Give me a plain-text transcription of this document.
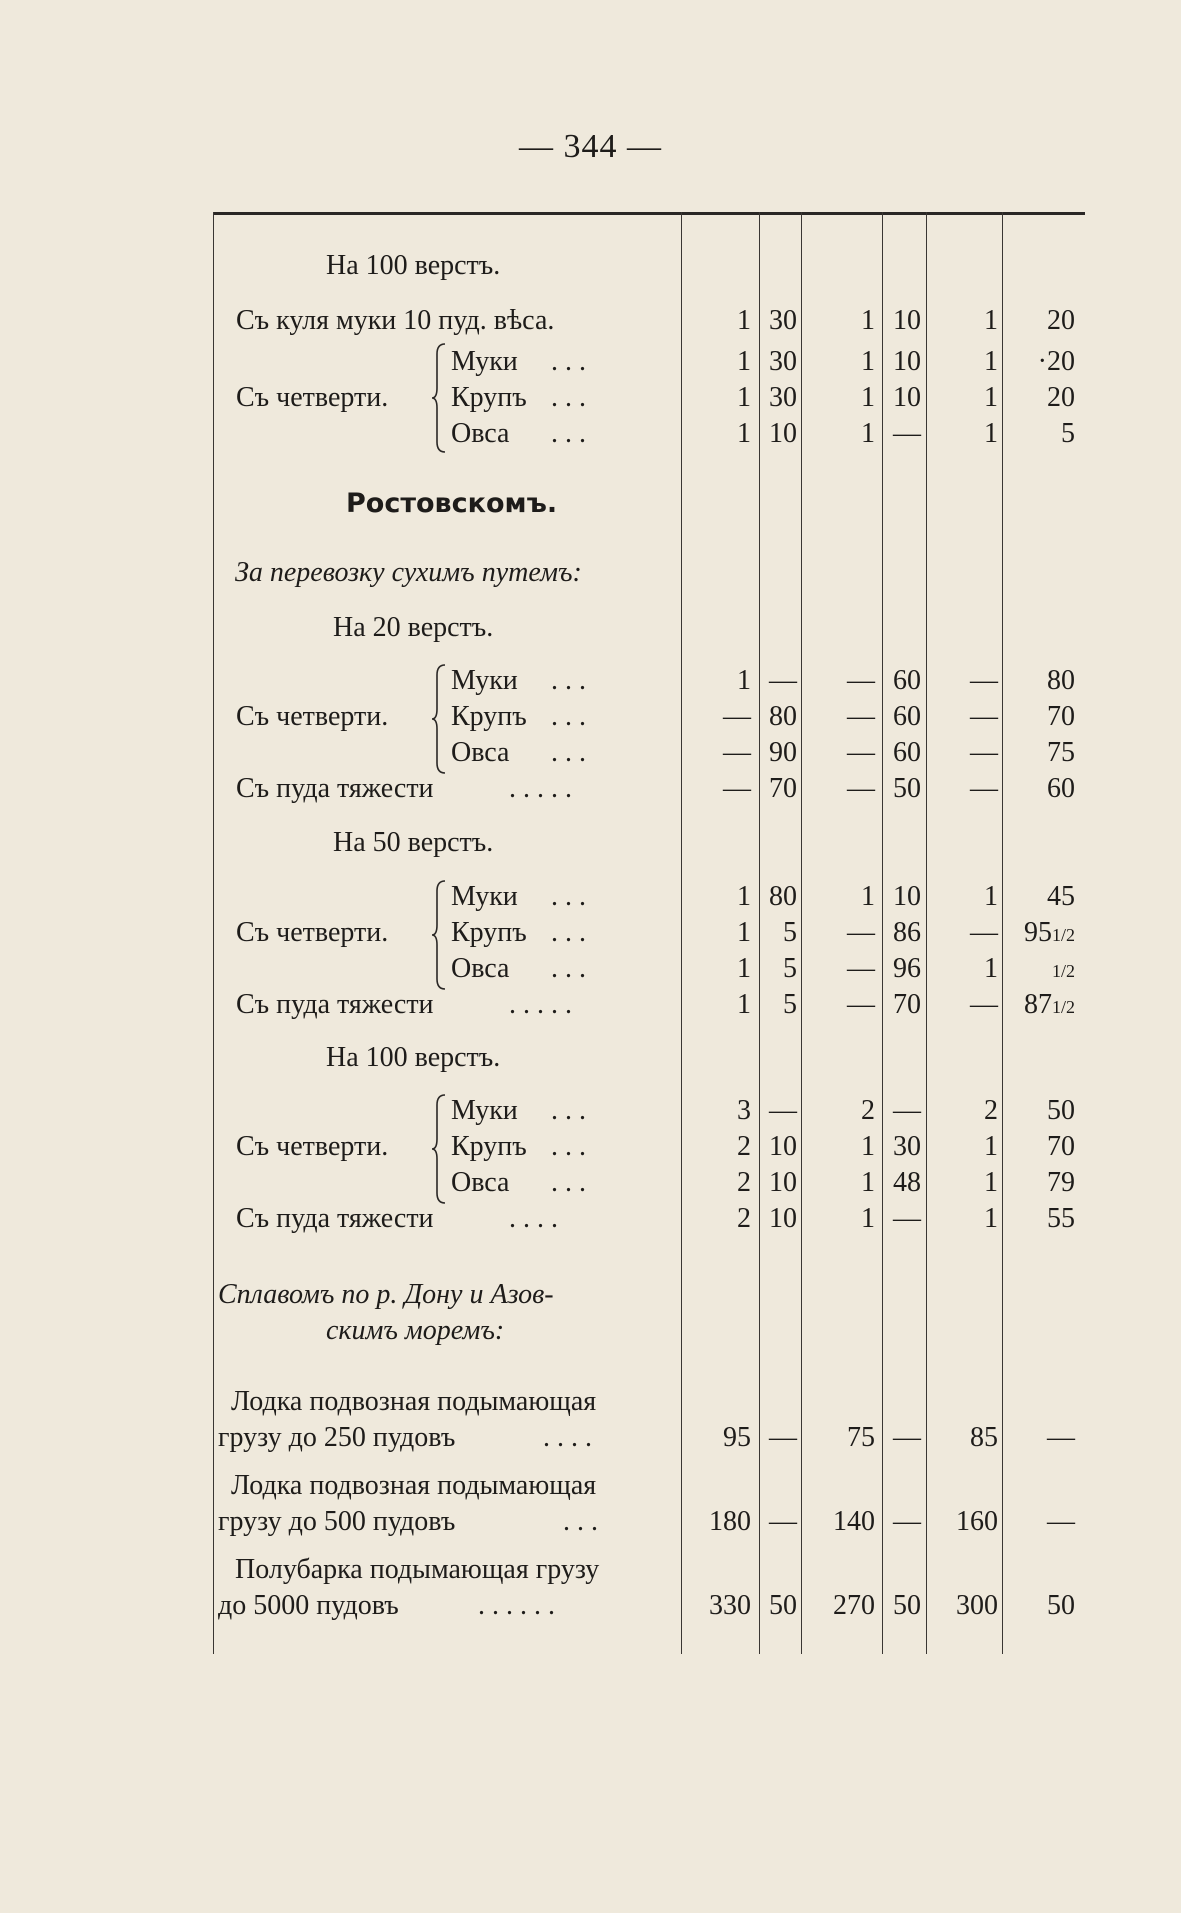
— 344 —
На 100 верстъ.
Съ куля муки 10 пуд. вѣса.	1 30	1 10	1	20
Съ четверти.
Муки . . .	1 30	1 10	1	·20
Крупъ . . .	1 30	1 10	1	20
Овса . . .	1 10	1 —	1	5
Ростовскомъ.
За перевозку сухимъ путемъ:
На 20 верстъ.
Съ четверти.
Муки . . .	1 —	— 60	—	80
Крупъ . . .	— 80	— 60	—	70
Овса . . .	— 90	— 60	—	75
Съ пуда тяжести	. . . . .	— 70	— 50	—	60
На 50 верстъ.
Съ четверти.
Муки . . .	1 80	1 10	1	45
Крупъ . . .	1	5	— 86	— 951/2
Овса . . .	1	5	— 96	1	1/2
Съ пуда тяжести	. . . . .	1	5	— 70	— 871/2
На 100 верстъ.
Съ четверти.
Муки . . .	3 —	2 —	2	50
Крупъ . . .	2 10	1 30	1	70
Овса . . .	2 10	1 48	1	79
Съ пуда тяжести	. . . .	2 10	1 —	1	55
Сплавомъ по р. Дону и Азов-
скимъ моремъ:
Лодка подвозная подымающая
грузу до 250 пудовъ	. . . .	95 —	75 —	85	—
Лодка подвозная подымающая
грузу до 500 пудовъ	. . .	180 —	140 —	160	—
Полубарка подымающая грузу
до 5000 пудовъ	. . . . . .	330 50	270 50	300	50
